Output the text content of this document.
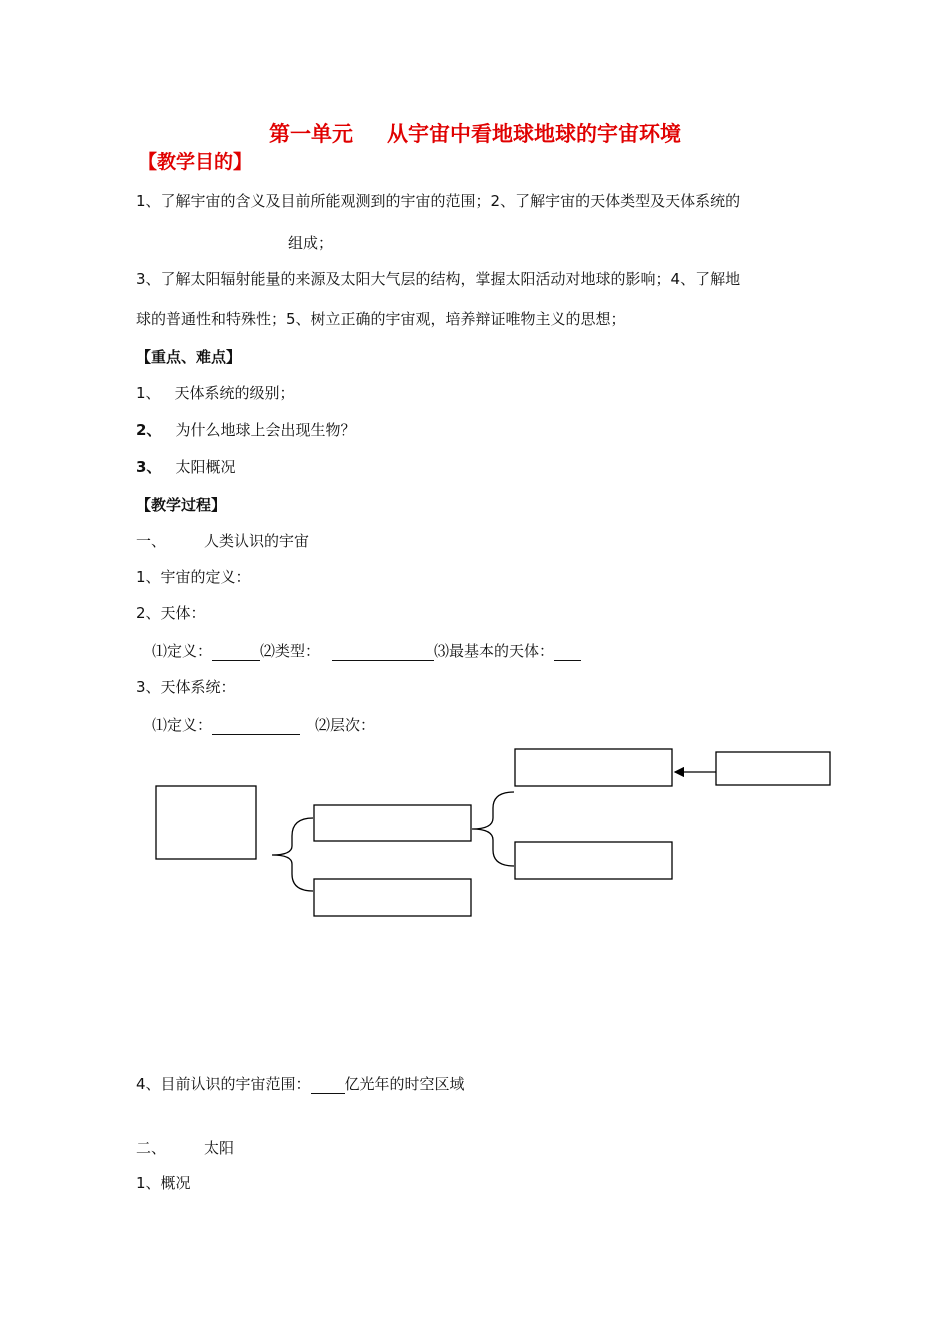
第一单元 从宇宙中看地球地球的宇宙环境
【教学目的】
1、了解宇宙的含义及目前所能观测到的宇宙的范围；2、了解宇宙的天体类型及天体系统的
组成；
3、了解太阳辐射能量的来源及太阳大气层的结构，掌握太阳活动对地球的影响；4、了解地
球的普通性和特殊性；5、树立正确的宇宙观，培养辩证唯物主义的思想；
【重点、难点】
1、 天体系统的级别；
2、 为什么地球上会出现生物？
3、 太阳概况
【教学过程】
一、	人类认识的宇宙
1、宇宙的定义：
2、天体：
⑴定义：	⑵类型：	⑶最基本的天体：
3、天体系统：
⑴定义：	⑵层次：
4、目前认识的宇宙范围： 亿光年的时空区域
二、	太阳
1、概况
